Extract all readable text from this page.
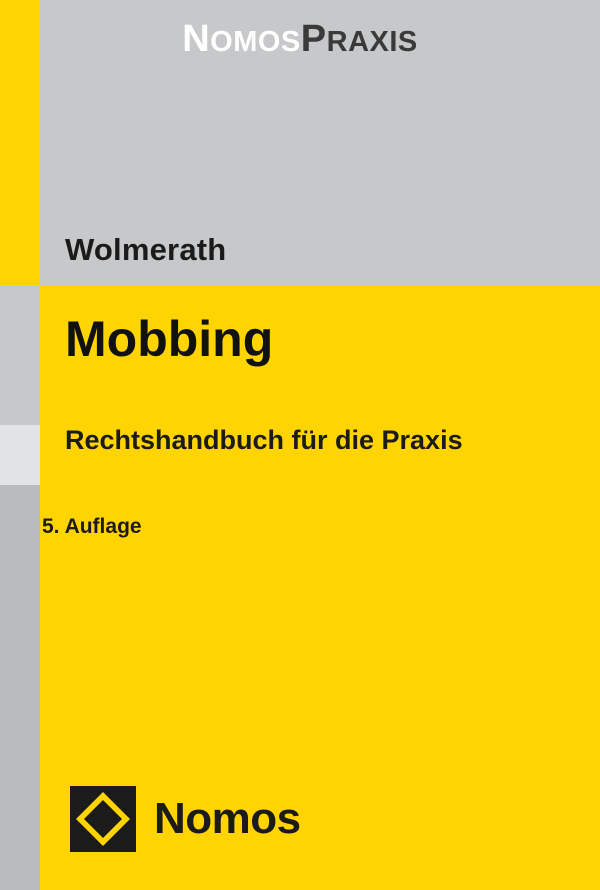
NOMOSPRAXIS
Wolmerath
Mobbing
Rechtshandbuch für die Praxis
5. Auflage
Nomos
